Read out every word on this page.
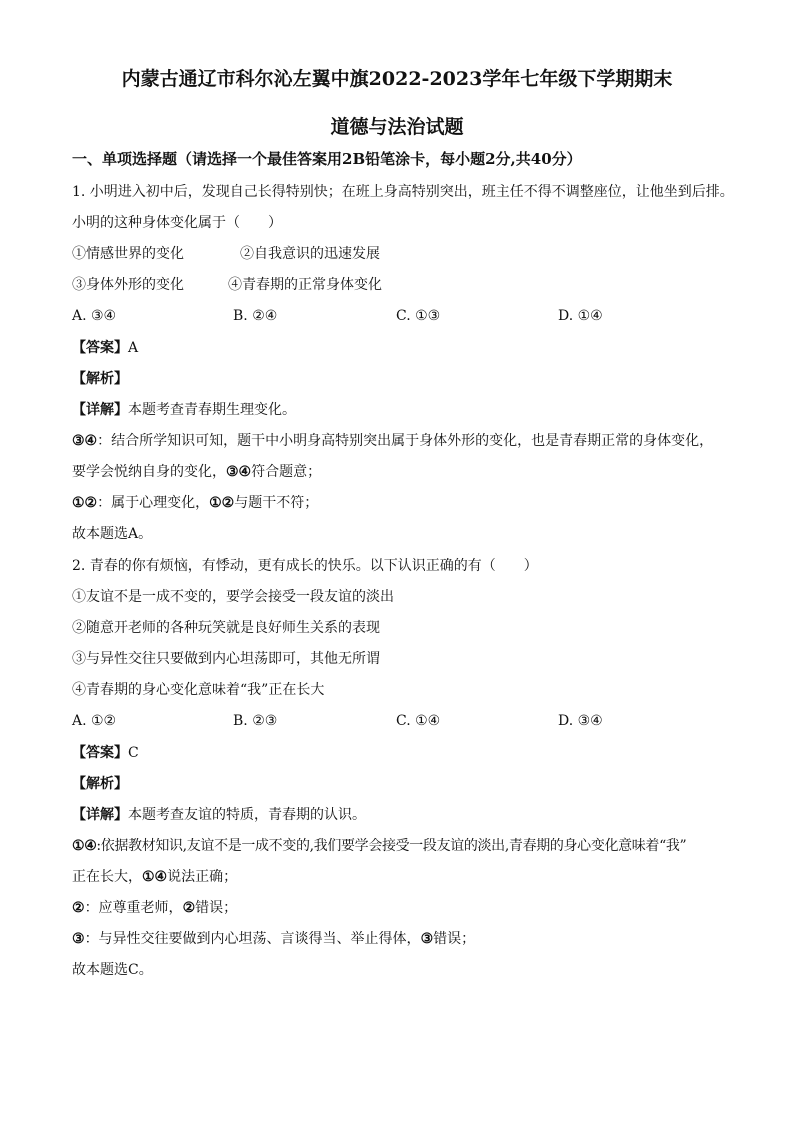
内蒙古通辽市科尔沁左翼中旗2022-2023学年七年级下学期期末
道德与法治试题
一、单项选择题（请选择一个最佳答案用2B铅笔涂卡，每小题2分,共40分）
1. 小明进入初中后，发现自己长得特别快；在班上身高特别突出，班主任不得不调整座位，让他坐到后排。
小明的这种身体变化属于（　　）
①情感世界的变化	②自我意识的迅速发展
③身体外形的变化	④青春期的正常身体变化
A. ③④	B. ②④	C. ①③	D. ①④
【答案】A
【解析】
【详解】本题考查青春期生理变化。
③④：结合所学知识可知，题干中小明身高特别突出属于身体外形的变化，也是青春期正常的身体变化，
要学会悦纳自身的变化，③④符合题意；
①②：属于心理变化，①②与题干不符；
故本题选A。
2. 青春的你有烦恼，有悸动，更有成长的快乐。以下认识正确的有（　　）
①友谊不是一成不变的，要学会接受一段友谊的淡出
②随意开老师的各种玩笑就是良好师生关系的表现
③与异性交往只要做到内心坦荡即可，其他无所谓
④青春期的身心变化意味着“我”正在长大
A. ①②	B. ②③	C. ①④	D. ③④
【答案】C
【解析】
【详解】本题考查友谊的特质，青春期的认识。
①④:依据教材知识,友谊不是一成不变的,我们要学会接受一段友谊的淡出,青春期的身心变化意味着“我”
正在长大，①④说法正确；
②：应尊重老师，②错误；
③：与异性交往要做到内心坦荡、言谈得当、举止得体，③错误；
故本题选C。
